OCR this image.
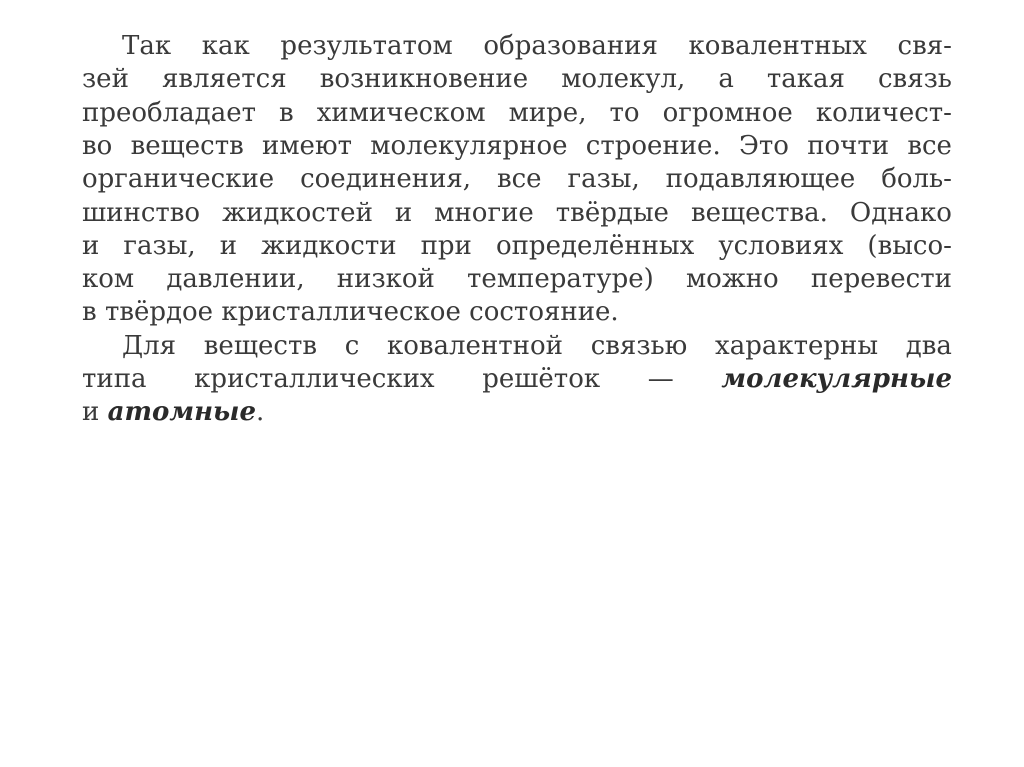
Так как результатом образования ковалентных свя-
зей является возникновение молекул, а такая связь
преобладает в химическом мире, то огромное количест-
во веществ имеют молекулярное строение. Это почти все
органические соединения, все газы, подавляющее боль-
шинство жидкостей и многие твёрдые вещества. Однако
и газы, и жидкости при определённых условиях (высо-
ком давлении, низкой температуре) можно перевести
в твёрдое кристаллическое состояние.
Для веществ с ковалентной связью характерны два
типа кристаллических решёток — молекулярные
и атомные.
